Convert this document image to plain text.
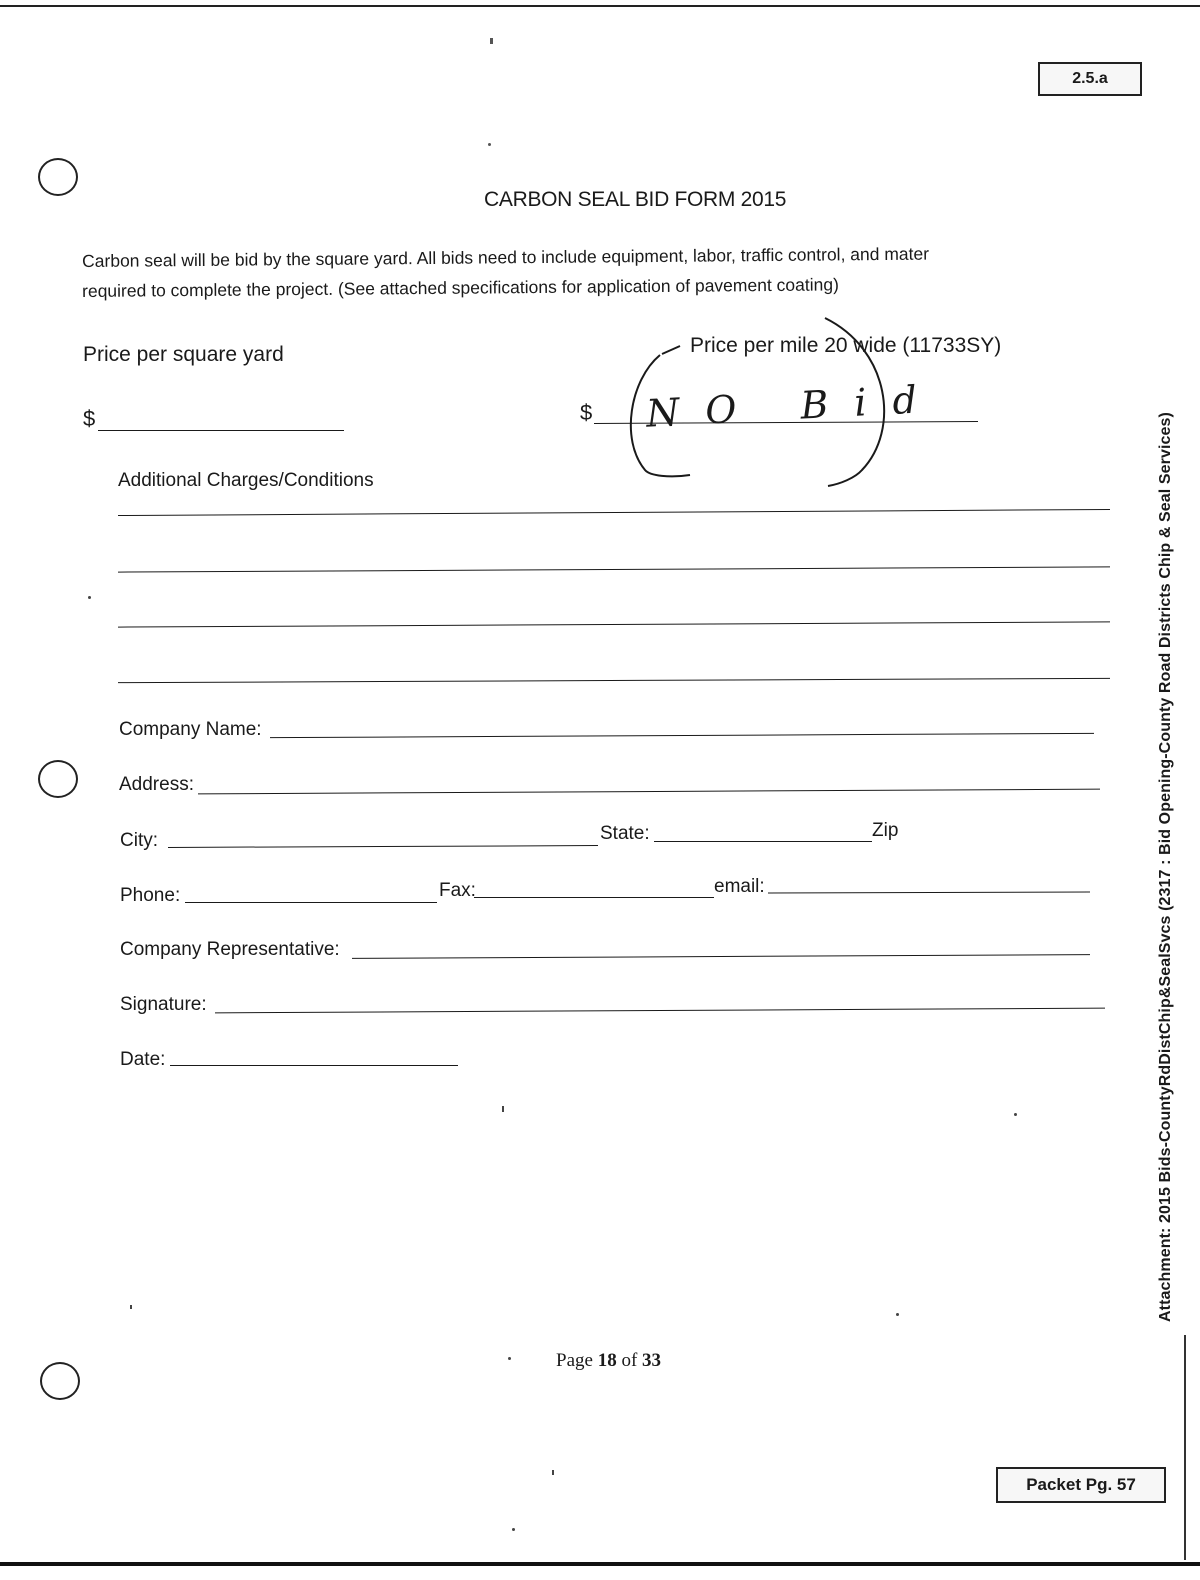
2.5.a
CARBON SEAL BID FORM 2015
Carbon seal will be bid by the square yard. All bids need to include equipment, labor, traffic control, and mater
required to complete the project. (See attached specifications for application of pavement coating)
Price per square yard	Price per mile 20 wide (11733SY)
$	$ NO Bid
Additional Charges/Conditions
Company Name:
Address:
City:	State:	Zip
Phone:	Fax:	email:
Company Representative:
Signature:
Date:
Page 18 of 33
Packet Pg. 57
Attachment: 2015 Bids-CountyRdDistChip&SealSvcs (2317 : Bid Opening-County Road Districts Chip & Seal Services)
